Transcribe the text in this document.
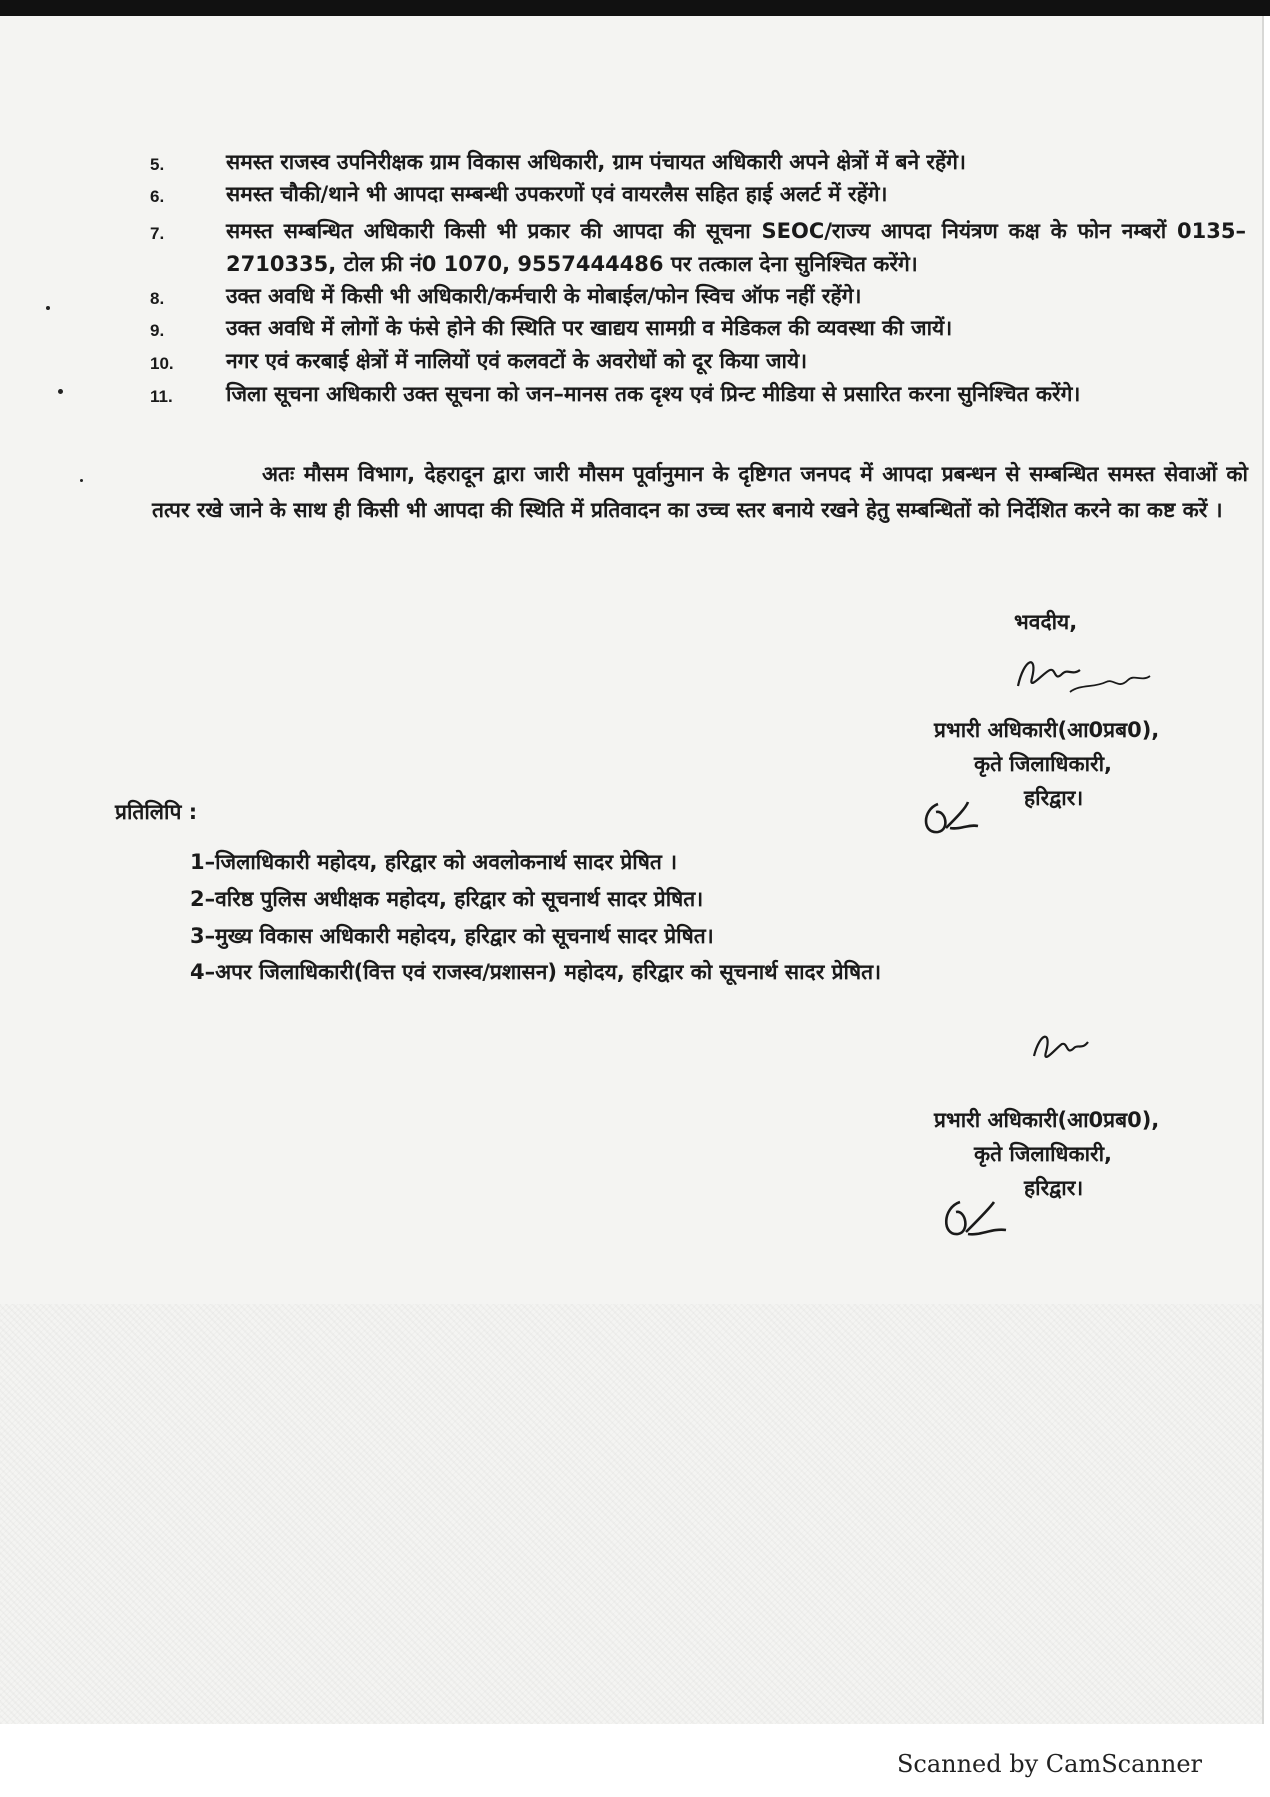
5.	समस्त राजस्व उपनिरीक्षक ग्राम विकास अधिकारी, ग्राम पंचायत अधिकारी अपने क्षेत्रों में बने रहेंगे।
6.	समस्त चौकी/थाने भी आपदा सम्बन्धी उपकरणों एवं वायरलैस सहित हाई अलर्ट में रहेंगे।
7.	समस्त सम्बन्धित अधिकारी किसी भी प्रकार की आपदा की सूचना SEOC/राज्य आपदा नियंत्रण कक्ष के फोन नम्बरों 0135–2710335, टोल फ्री नं0 1070, 9557444486 पर तत्काल देना सुनिश्चित करेंगे।
8.	उक्त अवधि में किसी भी अधिकारी/कर्मचारी के मोबाईल/फोन स्विच ऑफ नहीं रहेंगे।
9.	उक्त अवधि में लोगों के फंसे होने की स्थिति पर खाद्यय सामग्री व मेडिकल की व्यवस्था की जायें।
10.	नगर एवं करबाई क्षेत्रों में नालियों एवं कलवटों के अवरोधों को दूर किया जाये।
11.	जिला सूचना अधिकारी उक्त सूचना को जन–मानस तक दृश्य एवं प्रिन्ट मीडिया से प्रसारित करना सुनिश्चित करेंगे।
अतः मौसम विभाग, देहरादून द्वारा जारी मौसम पूर्वानुमान के दृष्टिगत जनपद में आपदा प्रबन्धन से सम्बन्धित समस्त सेवाओं को तत्पर रखे जाने के साथ ही किसी भी आपदा की स्थिति में प्रतिवादन का उच्च स्तर बनाये रखने हेतु सम्बन्धितों को निर्देशित करने का कष्ट करें ।
भवदीय,
प्रभारी अधिकारी(आ0प्रब0),
कृते जिलाधिकारी,
हरिद्वार।
प्रतिलिपि :
1–जिलाधिकारी महोदय, हरिद्वार को अवलोकनार्थ सादर प्रेषित ।
2–वरिष्ठ पुलिस अधीक्षक महोदय, हरिद्वार को सूचनार्थ सादर प्रेषित।
3–मुख्य विकास अधिकारी महोदय, हरिद्वार को सूचनार्थ सादर प्रेषित।
4–अपर जिलाधिकारी(वित्त एवं राजस्व/प्रशासन) महोदय, हरिद्वार को सूचनार्थ सादर प्रेषित।
प्रभारी अधिकारी(आ0प्रब0),
कृते जिलाधिकारी,
हरिद्वार।
Scanned by CamScanner
